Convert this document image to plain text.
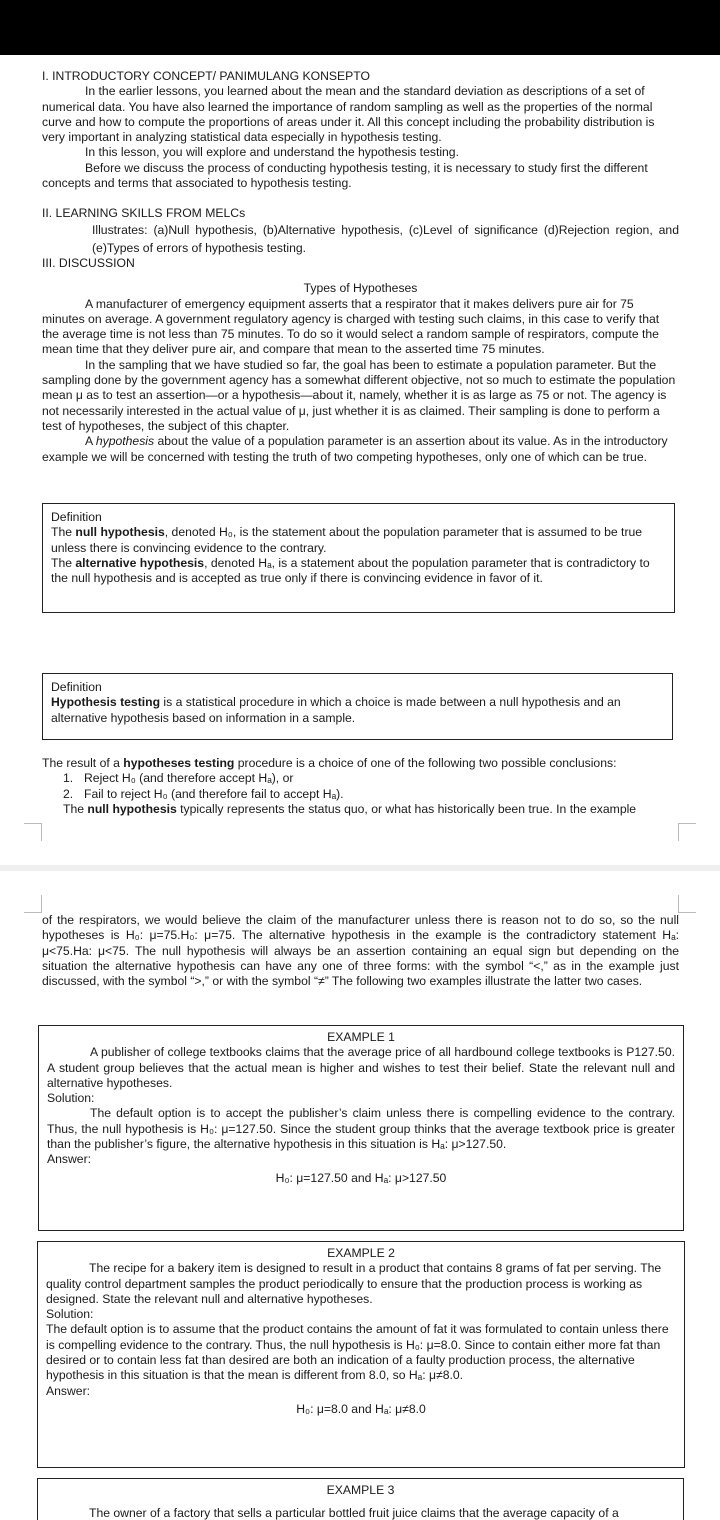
I. INTRODUCTORY CONCEPT/ PANIMULANG KONSEPTO

In the earlier lessons, you learned about the mean and the standard deviation as descriptions of a set of numerical data. You have also learned the importance of random sampling as well as the properties of the normal curve and how to compute the proportions of areas under it. All this concept including the probability distribution is very important in analyzing statistical data especially in hypothesis testing.

In this lesson, you will explore and understand the hypothesis testing.

Before we discuss the process of conducting hypothesis testing, it is necessary to study first the different concepts and terms that associated to hypothesis testing.

II. LEARNING SKILLS FROM MELCs

Illustrates: (a)Null hypothesis, (b)Alternative hypothesis, (c)Level of significance (d)Rejection region, and (e)Types of errors of hypothesis testing.

III. DISCUSSION
Types of Hypotheses

A manufacturer of emergency equipment asserts that a respirator that it makes delivers pure air for 75 minutes on average. A government regulatory agency is charged with testing such claims, in this case to verify that the average time is not less than 75 minutes. To do so it would select a random sample of respirators, compute the mean time that they deliver pure air, and compare that mean to the asserted time 75 minutes.

In the sampling that we have studied so far, the goal has been to estimate a population parameter. But the sampling done by the government agency has a somewhat different objective, not so much to estimate the population mean μ as to test an assertion—or a hypothesis—about it, namely, whether it is as large as 75 or not. The agency is not necessarily interested in the actual value of μ, just whether it is as claimed. Their sampling is done to perform a test of hypotheses, the subject of this chapter.

A hypothesis about the value of a population parameter is an assertion about its value. As in the introductory example we will be concerned with testing the truth of two competing hypotheses, only one of which can be true.

Definition

The null hypothesis, denoted H₀, is the statement about the population parameter that is assumed to be true unless there is convincing evidence to the contrary.

The alternative hypothesis, denoted Hₐ, is a statement about the population parameter that is contradictory to the null hypothesis and is accepted as true only if there is convincing evidence in favor of it.

Definition

Hypothesis testing is a statistical procedure in which a choice is made between a null hypothesis and an alternative hypothesis based on information in a sample.

The result of a hypotheses testing procedure is a choice of one of the following two possible conclusions:

1. Reject H₀ (and therefore accept Hₐ), or
2. Fail to reject H₀ (and therefore fail to accept Hₐ).

The null hypothesis typically represents the status quo, or what has historically been true. In the example

of the respirators, we would believe the claim of the manufacturer unless there is reason not to do so, so the null hypotheses is H₀: μ=75.H₀: μ=75. The alternative hypothesis in the example is the contradictory statement Hₐ: μ<75.Ha: μ<75. The null hypothesis will always be an assertion containing an equal sign but depending on the situation the alternative hypothesis can have any one of three forms: with the symbol “<,” as in the example just discussed, with the symbol “>,” or with the symbol “≠” The following two examples illustrate the latter two cases.

EXAMPLE 1

A publisher of college textbooks claims that the average price of all hardbound college textbooks is P127.50. A student group believes that the actual mean is higher and wishes to test their belief. State the relevant null and alternative hypotheses.

Solution:

The default option is to accept the publisher’s claim unless there is compelling evidence to the contrary. Thus, the null hypothesis is H₀: μ=127.50. Since the student group thinks that the average textbook price is greater than the publisher’s figure, the alternative hypothesis in this situation is Hₐ: μ>127.50.

Answer:
H₀: μ=127.50 and Hₐ: μ>127.50
EXAMPLE 2

The recipe for a bakery item is designed to result in a product that contains 8 grams of fat per serving. The quality control department samples the product periodically to ensure that the production process is working as designed. State the relevant null and alternative hypotheses.

Solution:

The default option is to assume that the product contains the amount of fat it was formulated to contain unless there is compelling evidence to the contrary. Thus, the null hypothesis is H₀: μ=8.0. Since to contain either more fat than desired or to contain less fat than desired are both an indication of a faulty production process, the alternative hypothesis in this situation is that the mean is different from 8.0, so Hₐ: μ≠8.0.

Answer:
H₀: μ=8.0 and Hₐ: μ≠8.0
EXAMPLE 3

The owner of a factory that sells a particular bottled fruit juice claims that the average capacity of a
